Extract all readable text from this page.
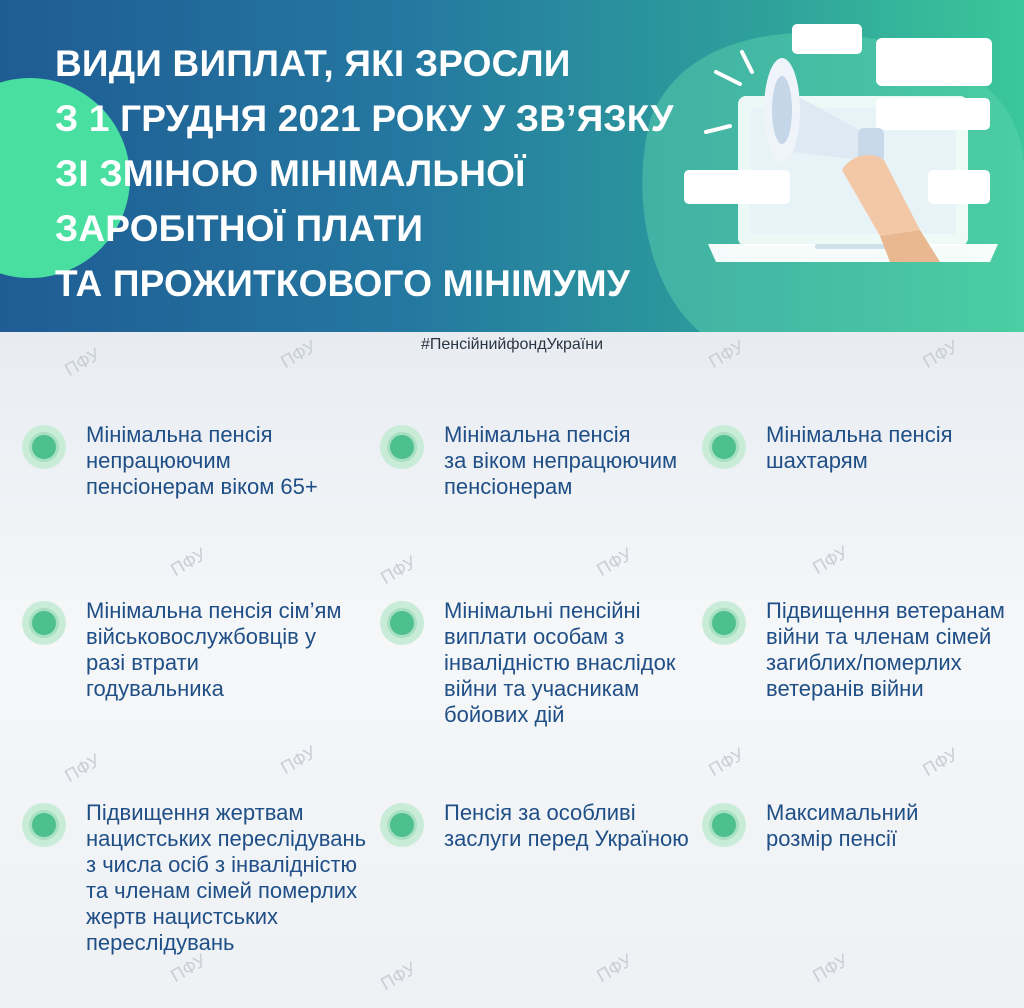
ВИДИ ВИПЛАТ, ЯКІ ЗРОСЛИ
З 1 ГРУДНЯ 2021 РОКУ У ЗВ’ЯЗКУ
ЗІ ЗМІНОЮ МІНІМАЛЬНОЇ
ЗАРОБІТНОЇ ПЛАТИ
ТА ПРОЖИТКОВОГО МІНІМУМУ
ПФУ	ПФУ	ПФУ	ПФУ
ПФУ	ПФУ	ПФУ	ПФУ
ПФУ	ПФУ	ПФУ	ПФУ
ПФУ	ПФУ	ПФУ	ПФУ
#ПенсійнийфондУкраїни
Мінімальна пенсія
непрацюючим
пенсіонерам віком 65+
Мінімальна пенсія
за віком непрацюючим
пенсіонерам
Мінімальна пенсія
шахтарям
Мінімальна пенсія сім’ям
військовослужбовців у
разі втрати
годувальника
Мінімальні пенсійні
виплати особам з
інвалідністю внаслідок
війни та учасникам
бойових дій
Підвищення ветеранам
війни та членам сімей
загиблих/померлих
ветеранів війни
Підвищення жертвам
нацистських переслідувань
з числа осіб з інвалідністю
та членам сімей померлих
жертв нацистських
переслідувань
Пенсія за особливі
заслуги перед Україною
Максимальний
розмір пенсії
